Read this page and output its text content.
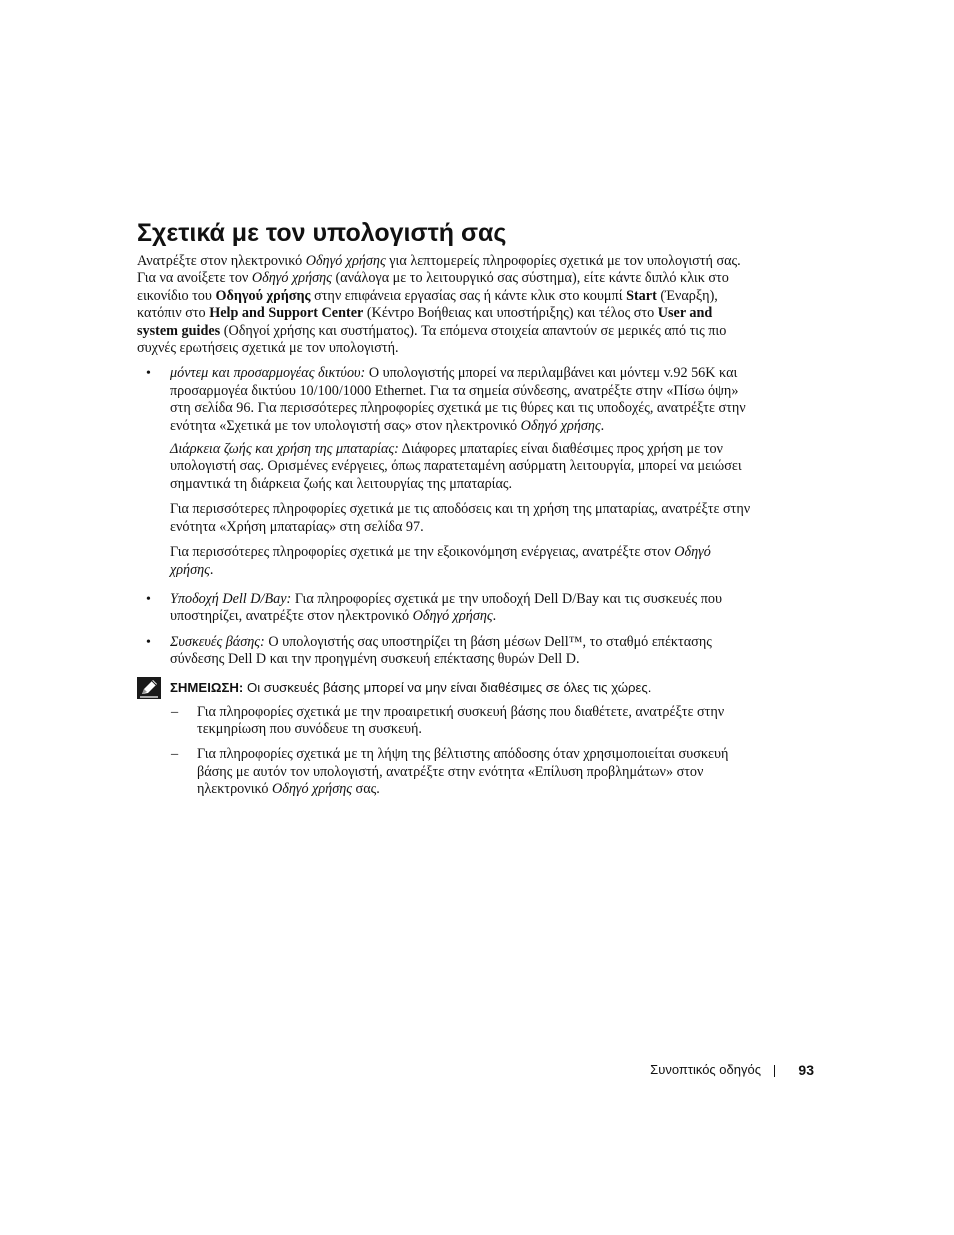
Σχετικά με τον υπολογιστή σας

Ανατρέξτε στον ηλεκτρονικό Οδηγό χρήσης για λεπτομερείς πληροφορίες σχετικά με τον υπολογιστή σας. Για να ανοίξετε τον Οδηγό χρήσης (ανάλογα με το λειτουργικό σας σύστημα), είτε κάντε διπλό κλικ στο εικονίδιο του Οδηγού χρήσης στην επιφάνεια εργασίας σας ή κάντε κλικ στο κουμπί Start (Έναρξη), κατόπιν στο Help and Support Center (Κέντρο Βοήθειας και υποστήριξης) και τέλος στο User and system guides (Οδηγοί χρήσης και συστήματος). Τα επόμενα στοιχεία απαντούν σε μερικές από τις πιο συχνές ερωτήσεις σχετικά με τον υπολογιστή.

• μόντεμ και προσαρμογέας δικτύου: Ο υπολογιστής μπορεί να περιλαμβάνει και μόντεμ v.92 56K και προσαρμογέα δικτύου 10/100/1000 Ethernet. Για τα σημεία σύνδεσης, ανατρέξτε στην «Πίσω όψη» στη σελίδα 96. Για περισσότερες πληροφορίες σχετικά με τις θύρες και τις υποδοχές, ανατρέξτε στην ενότητα «Σχετικά με τον υπολογιστή σας» στον ηλεκτρονικό Οδηγό χρήσης.

Διάρκεια ζωής και χρήση της μπαταρίας: Διάφορες μπαταρίες είναι διαθέσιμες προς χρήση με τον υπολογιστή σας. Ορισμένες ενέργειες, όπως παρατεταμένη ασύρματη λειτουργία, μπορεί να μειώσει σημαντικά τη διάρκεια ζωής και λειτουργίας της μπαταρίας.

Για περισσότερες πληροφορίες σχετικά με τις αποδόσεις και τη χρήση της μπαταρίας, ανατρέξτε στην ενότητα «Χρήση μπαταρίας» στη σελίδα 97.

Για περισσότερες πληροφορίες σχετικά με την εξοικονόμηση ενέργειας, ανατρέξτε στον Οδηγό χρήσης.

• Υποδοχή Dell D/Bay: Για πληροφορίες σχετικά με την υποδοχή Dell D/Bay και τις συσκευές που υποστηρίζει, ανατρέξτε στον ηλεκτρονικό Οδηγό χρήσης.
• Συσκευές βάσης: Ο υπολογιστής σας υποστηρίζει τη βάση μέσων Dell™, το σταθμό επέκτασης σύνδεσης Dell D και την προηγμένη συσκευή επέκτασης θυρών Dell D.
ΣΗΜΕΙΩΣΗ: Οι συσκευές βάσης μπορεί να μην είναι διαθέσιμες σε όλες τις χώρες.
– Για πληροφορίες σχετικά με την προαιρετική συσκευή βάσης που διαθέτετε, ανατρέξτε στην τεκμηρίωση που συνόδευε τη συσκευή.
– Για πληροφορίες σχετικά με τη λήψη της βέλτιστης απόδοσης όταν χρησιμοποιείται συσκευή βάσης με αυτόν τον υπολογιστή, ανατρέξτε στην ενότητα «Επίλυση προβλημάτων» στον ηλεκτρονικό Οδηγό χρήσης σας.
Συνοπτικός οδηγός	93
